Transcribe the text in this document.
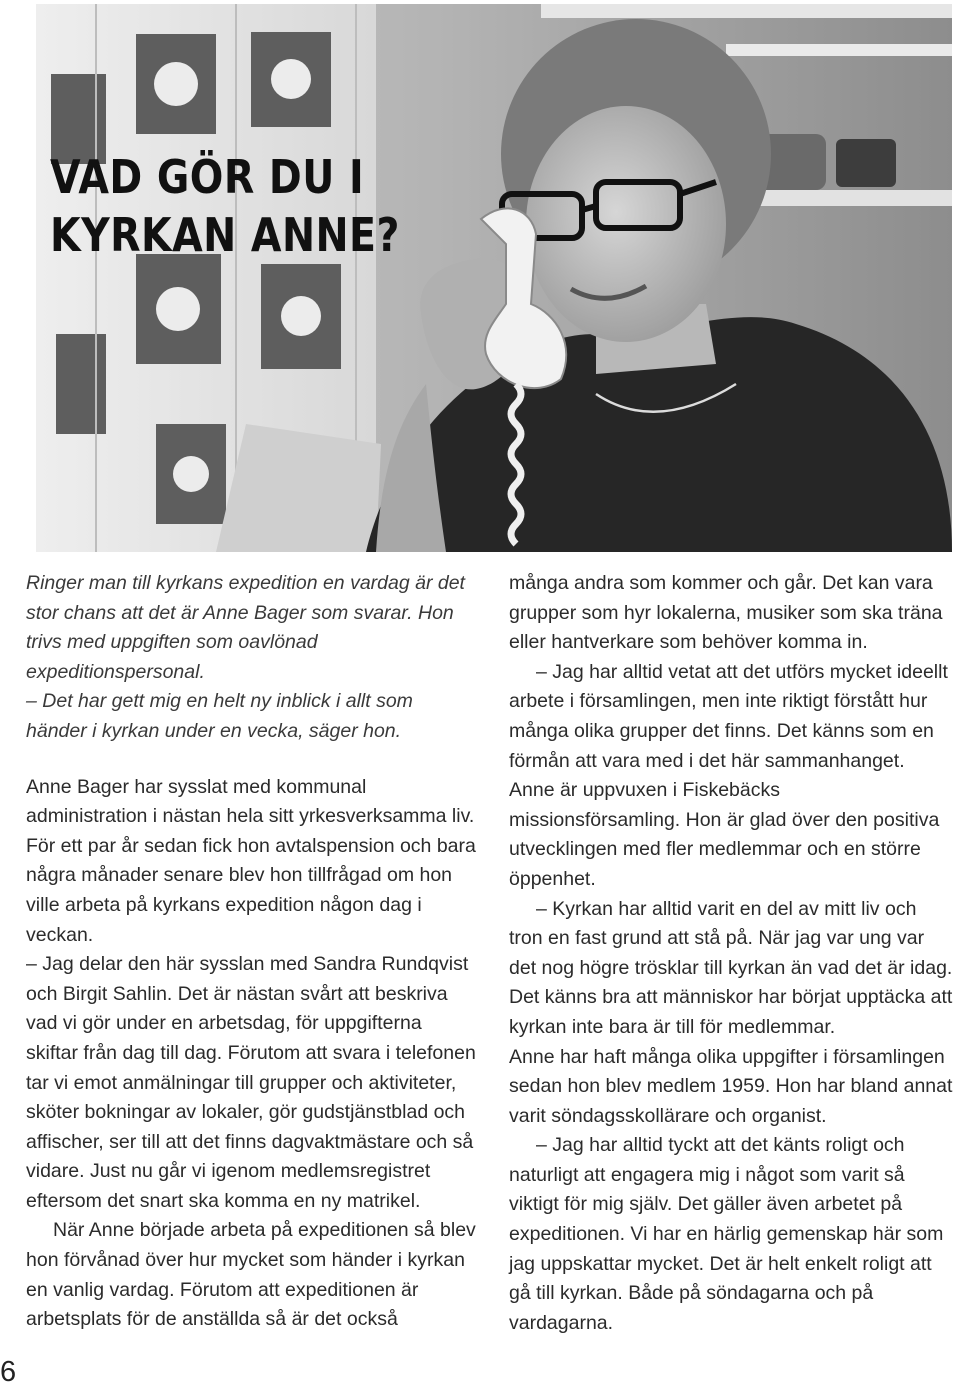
VAD GÖR DU I
KYRKAN ANNE?

Ringer man till kyrkans expedition en vardag är det stor chans att det är Anne Bager som svarar. Hon trivs med uppgiften som oavlönad expeditionspersonal.

– Det har gett mig en helt ny inblick i allt som händer i kyrkan under en vecka, säger hon.

Anne Bager har sysslat med kommunal administration i nästan hela sitt yrkesverksamma liv. För ett par år sedan fick hon avtalspension och bara några månader senare blev hon tillfrågad om hon ville arbeta på kyrkans expedition någon dag i veckan.

– Jag delar den här sysslan med Sandra Rundqvist och Birgit Sahlin. Det är nästan svårt att beskriva vad vi gör under en arbetsdag, för uppgifterna skiftar från dag till dag. Förutom att svara i telefonen tar vi emot anmälningar till grupper och aktiviteter, sköter bokningar av lokaler, gör gudstjänstblad och affischer, ser till att det finns dagvaktmästare och så vidare. Just nu går vi igenom medlemsregistret eftersom det snart ska komma en ny matrikel.

När Anne började arbeta på expeditionen så blev hon förvånad över hur mycket som händer i kyrkan en vanlig vardag. Förutom att expeditionen är arbetsplats för de anställda så är det också

många andra som kommer och går. Det kan vara grupper som hyr lokalerna, musiker som ska träna eller hantverkare som behöver komma in.

– Jag har alltid vetat att det utförs mycket ideellt arbete i församlingen, men inte riktigt förstått hur många olika grupper det finns. Det känns som en förmån att vara med i det här sammanhanget.

Anne är uppvuxen i Fiskebäcks missionsförsamling. Hon är glad över den positiva utvecklingen med fler medlemmar och en större öppenhet.

– Kyrkan har alltid varit en del av mitt liv och tron en fast grund att stå på. När jag var ung var det nog högre trösklar till kyrkan än vad det är idag. Det känns bra att människor har börjat upptäcka att kyrkan inte bara är till för medlemmar.

Anne har haft många olika uppgifter i församlingen sedan hon blev medlem 1959. Hon har bland annat varit söndagsskollärare och organist.

– Jag har alltid tyckt att det känts roligt och naturligt att engagera mig i något som varit så viktigt för mig själv. Det gäller även arbetet på expeditionen. Vi har en härlig gemenskap här som jag uppskattar mycket. Det är helt enkelt roligt att gå till kyrkan. Både på söndagarna och på vardagarna.

6
